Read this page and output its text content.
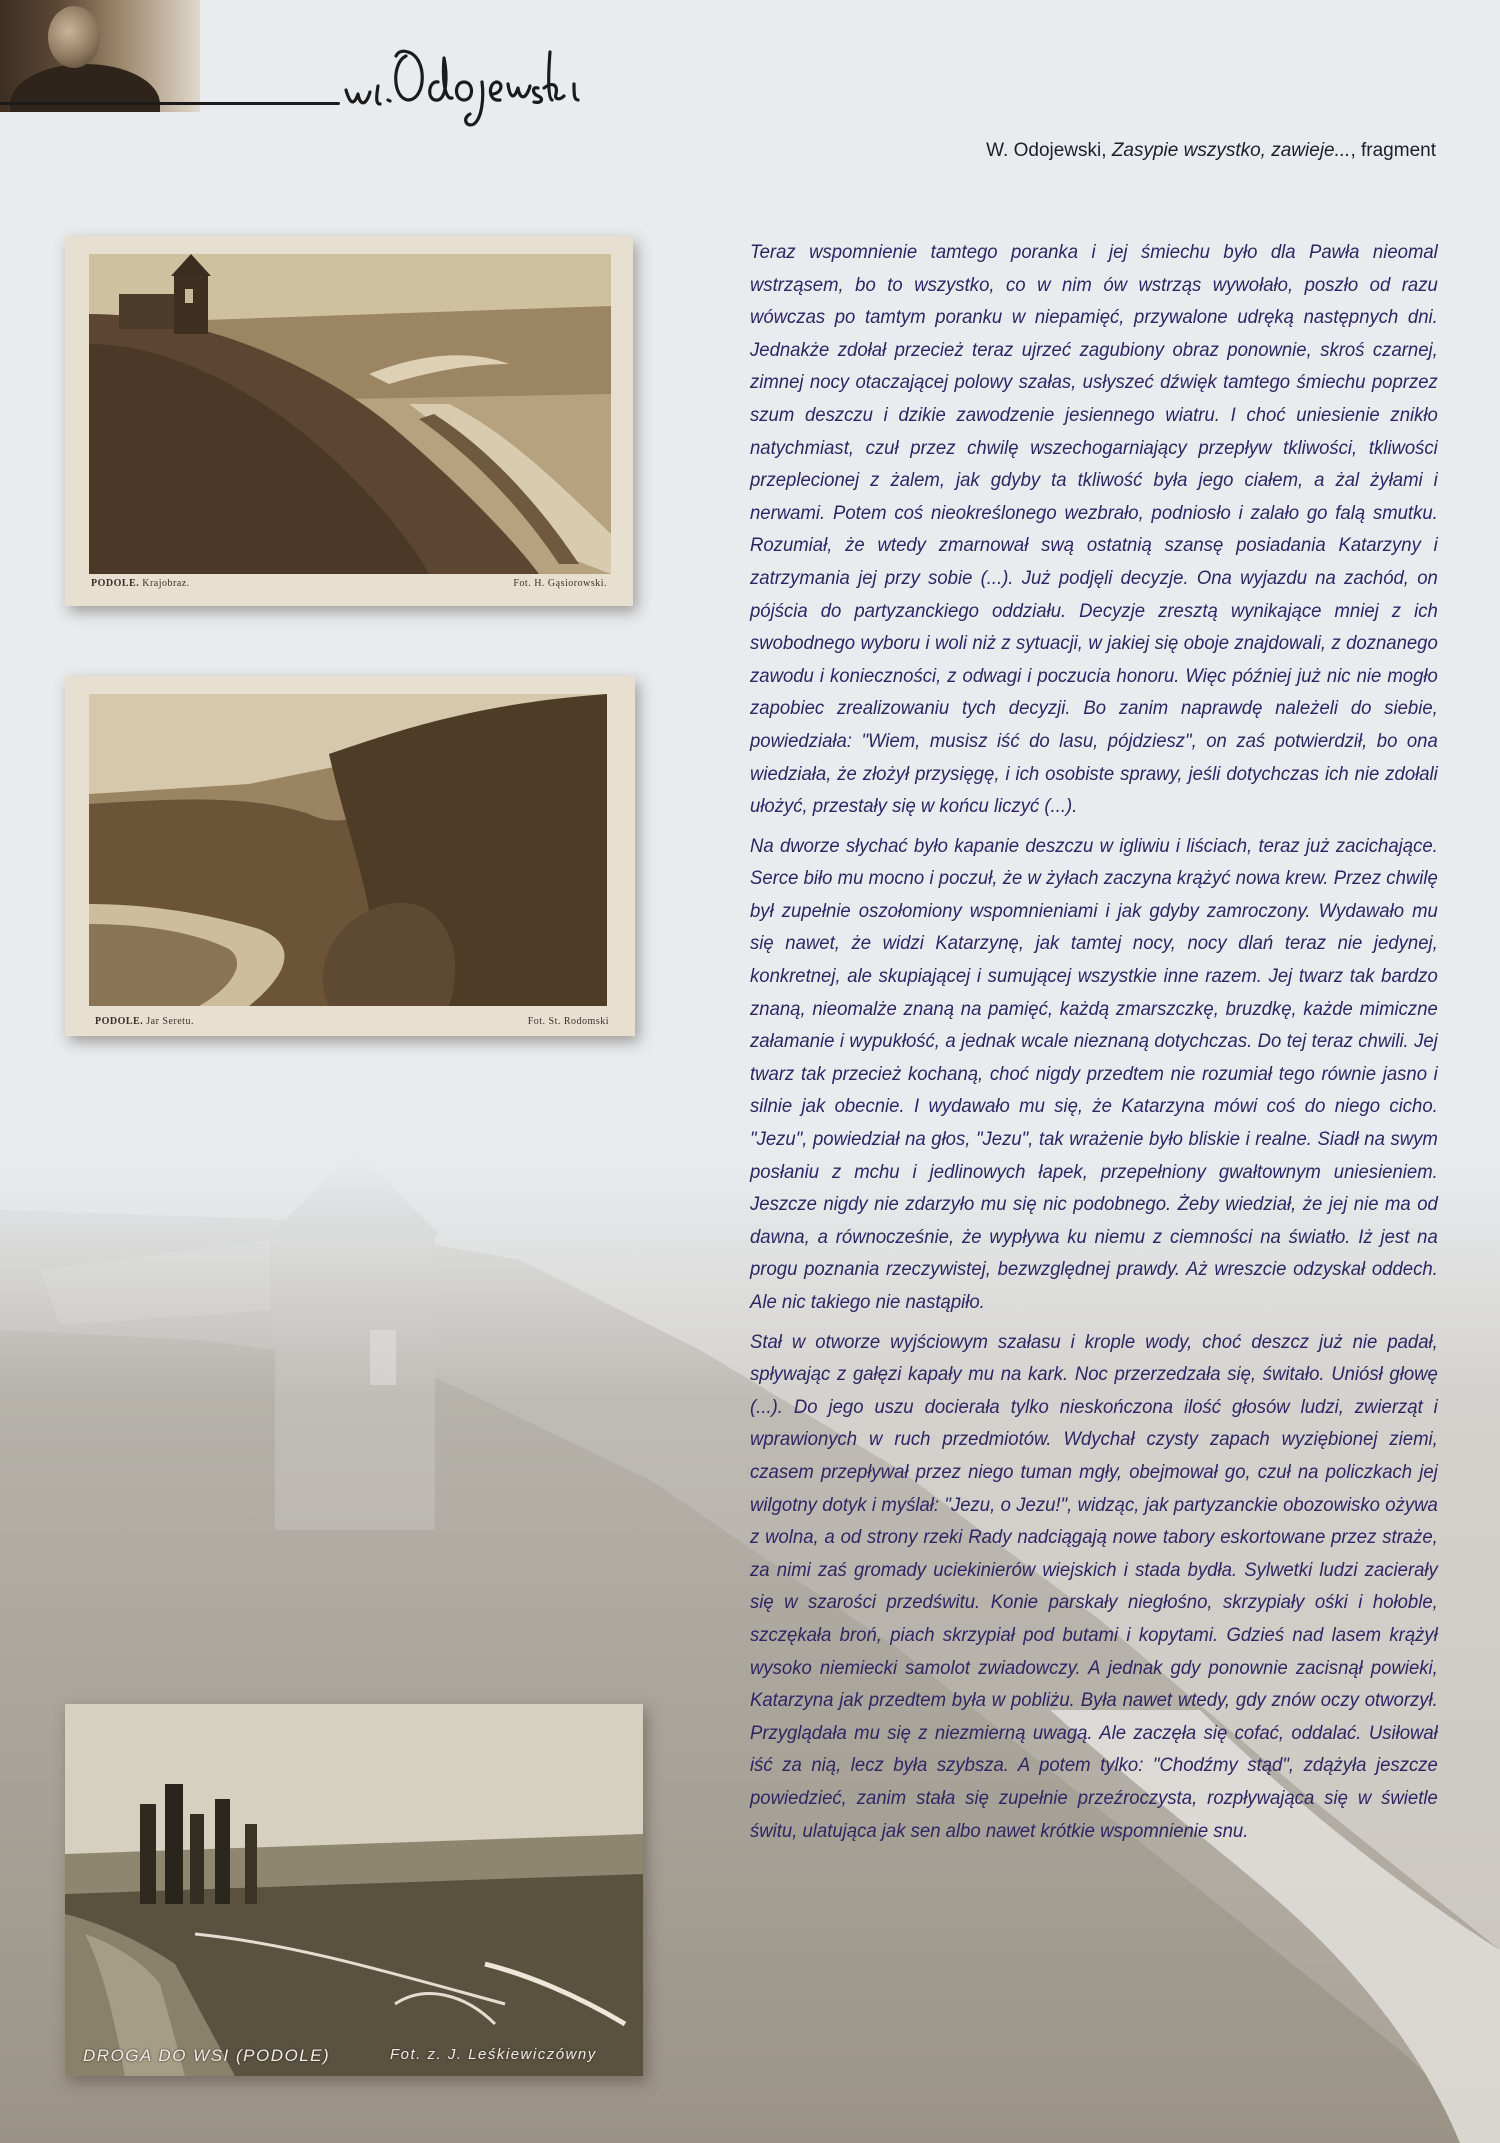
W. Odojewski, Zasypie wszystko, zawieje..., fragment

PODOLE. Krajobraz.	Fot. H. Gąsiorowski.
PODOLE. Jar Seretu.	Fot. St. Rodomski
DROGA DO WSI (PODOLE)	Fot. z. J. Leśkiewiczówny

Teraz wspomnienie tamtego poranka i jej śmiechu było dla Pawła nieomal wstrząsem, bo to wszystko, co w nim ów wstrząs wywołało, poszło od razu wówczas po tamtym poranku w niepamięć, przywalone udręką następnych dni. Jednakże zdołał przecież teraz ujrzeć zagubiony obraz ponownie, skroś czarnej, zimnej nocy otaczającej polowy szałas, usłyszeć dźwięk tamtego śmiechu poprzez szum deszczu i dzikie zawodzenie jesiennego wiatru. I choć uniesienie znikło natychmiast, czuł przez chwilę wszechogarniający przepływ tkliwości, tkliwości przeplecionej z żalem, jak gdyby ta tkliwość była jego ciałem, a żal żyłami i nerwami. Potem coś nieokreślonego wezbrało, podniosło i zalało go falą smutku. Rozumiał, że wtedy zmarnował swą ostatnią szansę posiadania Katarzyny i zatrzymania jej przy sobie (...). Już podjęli decyzje. Ona wyjazdu na zachód, on pójścia do partyzanckiego oddziału. Decyzje zresztą wynikające mniej z ich swobodnego wyboru i woli niż z sytuacji, w jakiej się oboje znajdowali, z doznanego zawodu i konieczności, z odwagi i poczucia honoru. Więc później już nic nie mogło zapobiec zrealizowaniu tych decyzji. Bo zanim naprawdę należeli do siebie, powiedziała: "Wiem, musisz iść do lasu, pójdziesz", on zaś potwierdził, bo ona wiedziała, że złożył przysięgę, i ich osobiste sprawy, jeśli dotychczas ich nie zdołali ułożyć, przestały się w końcu liczyć (...).

Na dworze słychać było kapanie deszczu w igliwiu i liściach, teraz już zacichające. Serce biło mu mocno i poczuł, że w żyłach zaczyna krążyć nowa krew. Przez chwilę był zupełnie oszołomiony wspomnieniami i jak gdyby zamroczony. Wydawało mu się nawet, że widzi Katarzynę, jak tamtej nocy, nocy dlań teraz nie jedynej, konkretnej, ale skupiającej i sumującej wszystkie inne razem. Jej twarz tak bardzo znaną, nieomalże znaną na pamięć, każdą zmarszczkę, bruzdkę, każde mimiczne załamanie i wypukłość, a jednak wcale nieznaną dotychczas. Do tej teraz chwili. Jej twarz tak przecież kochaną, choć nigdy przedtem nie rozumiał tego równie jasno i silnie jak obecnie. I wydawało mu się, że Katarzyna mówi coś do niego cicho. "Jezu", powiedział na głos, "Jezu", tak wrażenie było bliskie i realne. Siadł na swym posłaniu z mchu i jedlinowych łapek, przepełniony gwałtownym uniesieniem. Jeszcze nigdy nie zdarzyło mu się nic podobnego. Żeby wiedział, że jej nie ma od dawna, a równocześnie, że wypływa ku niemu z ciemności na światło. Iż jest na progu poznania rzeczywistej, bezwzględnej prawdy. Aż wreszcie odzyskał oddech. Ale nic takiego nie nastąpiło.

Stał w otworze wyjściowym szałasu i krople wody, choć deszcz już nie padał, spływając z gałęzi kapały mu na kark. Noc przerzedzała się, świtało. Uniósł głowę (...). Do jego uszu docierała tylko nieskończona ilość głosów ludzi, zwierząt i wprawionych w ruch przedmiotów. Wdychał czysty zapach wyziębionej ziemi, czasem przepływał przez niego tuman mgły, obejmował go, czuł na policzkach jej wilgotny dotyk i myślał: "Jezu, o Jezu!", widząc, jak partyzanckie obozowisko ożywa z wolna, a od strony rzeki Rady nadciągają nowe tabory eskortowane przez straże, za nimi zaś gromady uciekinierów wiejskich i stada bydła. Sylwetki ludzi zacierały się w szarości przedświtu. Konie parskały niegłośno, skrzypiały ośki i hołoble, szczękała broń, piach skrzypiał pod butami i kopytami. Gdzieś nad lasem krążył wysoko niemiecki samolot zwiadowczy. A jednak gdy ponownie zacisnął powieki, Katarzyna jak przedtem była w pobliżu. Była nawet wtedy, gdy znów oczy otworzył. Przyglądała mu się z niezmierną uwagą. Ale zaczęła się cofać, oddalać. Usiłował iść za nią, lecz była szybsza. A potem tylko: "Chodźmy stąd", zdążyła jeszcze powiedzieć, zanim stała się zupełnie przeźroczysta, rozpływająca się w świetle świtu, ulatująca jak sen albo nawet krótkie wspomnienie snu.
